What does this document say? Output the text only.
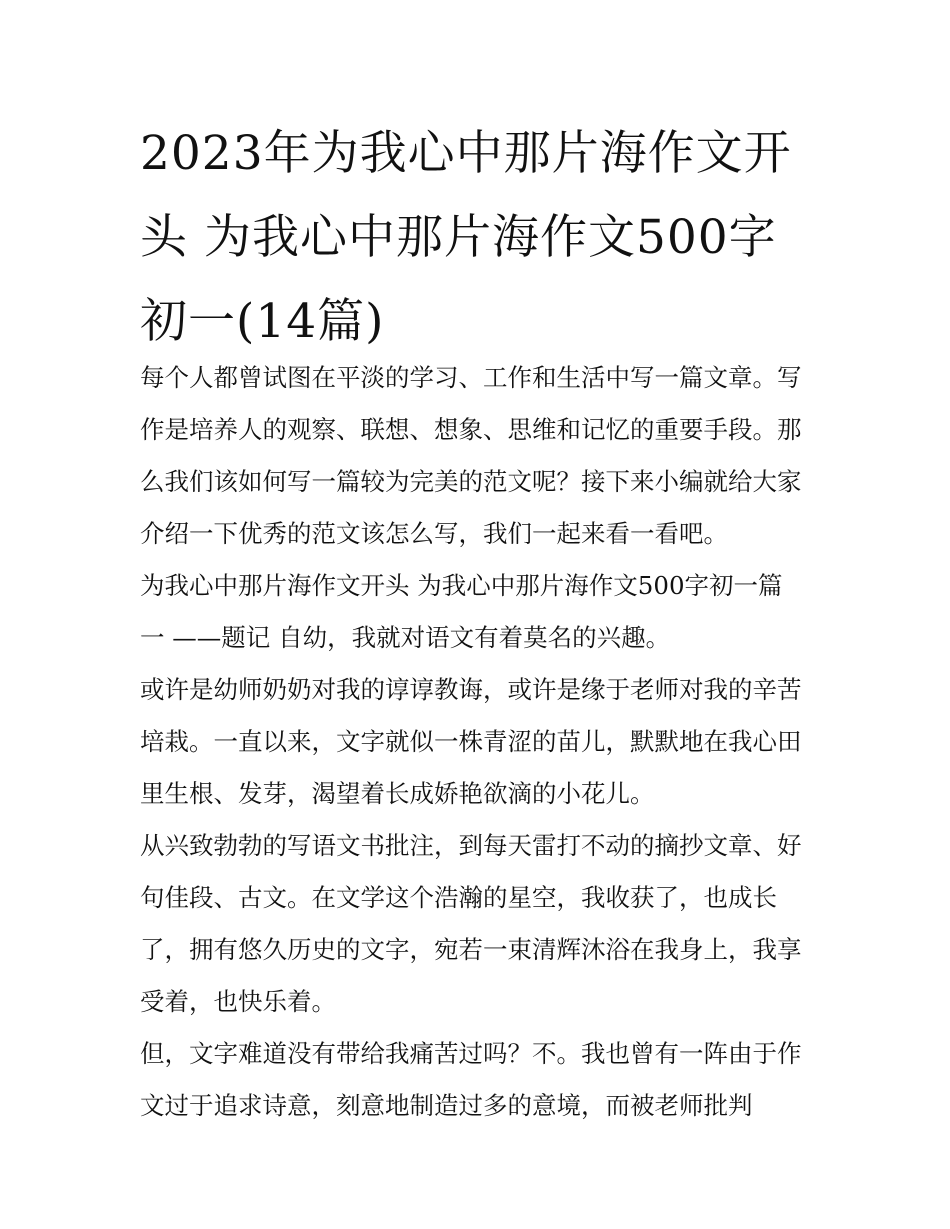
2023年为我心中那片海作文开
头 为我心中那片海作文500字
初一(14篇)
每个人都曾试图在平淡的学习、工作和生活中写一篇文章。写
作是培养人的观察、联想、想象、思维和记忆的重要手段。那
么我们该如何写一篇较为完美的范文呢？接下来小编就给大家
介绍一下优秀的范文该怎么写，我们一起来看一看吧。
为我心中那片海作文开头 为我心中那片海作文500字初一篇
一 ——题记 自幼，我就对语文有着莫名的兴趣。
或许是幼师奶奶对我的谆谆教诲，或许是缘于老师对我的辛苦
培栽。一直以来，文字就似一株青涩的苗儿，默默地在我心田
里生根、发芽，渴望着长成娇艳欲滴的小花儿。
从兴致勃勃的写语文书批注，到每天雷打不动的摘抄文章、好
句佳段、古文。在文学这个浩瀚的星空，我收获了，也成长
了，拥有悠久历史的文字，宛若一束清辉沐浴在我身上，我享
受着，也快乐着。
但，文字难道没有带给我痛苦过吗？不。我也曾有一阵由于作
文过于追求诗意，刻意地制造过多的意境，而被老师批判
